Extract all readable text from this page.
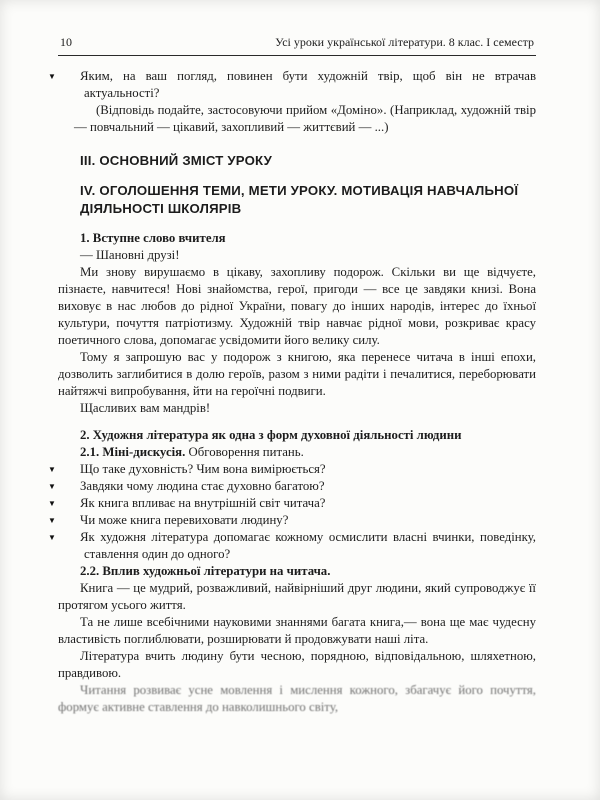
10	Усі уроки української літератури. 8 клас. І семестр

▼ Яким, на ваш погляд, повинен бути художній твір, щоб він не втрачав актуальності?

(Відповідь подайте, застосовуючи прийом «Доміно». (Наприклад, художній твір — повчальний — цікавий, захопливий — життєвий — ...)

III. ОСНОВНИЙ ЗМІСТ УРОКУ
IV. ОГОЛОШЕННЯ ТЕМИ, МЕТИ УРОКУ. МОТИВАЦІЯ НАВЧАЛЬНОЇ ДІЯЛЬНОСТІ ШКОЛЯРІВ

1. Вступне слово вчителя

— Шановні друзі!

Ми знову вирушаємо в цікаву, захопливу подорож. Скільки ви ще відчуєте, пізнаєте, навчитеся! Нові знайомства, герої, пригоди — все це завдяки книзі. Вона виховує в нас любов до рідної України, повагу до інших народів, інтерес до їхньої культури, почуття патріотизму. Художній твір навчає рідної мови, розкриває красу поетичного слова, допомагає усвідомити його велику силу.

Тому я запрошую вас у подорож з книгою, яка перенесе читача в інші епохи, дозволить заглибитися в долю героїв, разом з ними радіти і печалитися, переборювати найтяжчі випробування, йти на героїчні подвиги.

Щасливих вам мандрів!

2. Художня література як одна з форм духовної діяльності людини

2.1. Міні-дискусія. Обговорення питань.

▼ Що таке духовність? Чим вона вимірюється?

▼ Завдяки чому людина стає духовно багатою?

▼ Як книга впливає на внутрішній світ читача?

▼ Чи може книга перевиховати людину?

▼ Як художня література допомагає кожному осмислити власні вчинки, поведінку, ставлення один до одного?

2.2. Вплив художньої літератури на читача.

Книга — це мудрий, розважливий, найвірніший друг людини, який супроводжує її протягом усього життя.

Та не лише всебічними науковими знаннями багата книга,— вона ще має чудесну властивість поглиблювати, розширювати й продовжувати наші літа.

Література вчить людину бути чесною, порядною, відповідальною, шляхетною, правдивою.

Читання розвиває усне мовлення і мислення кожного, збагачує його почуття, формує активне ставлення до навколишнього світу,
